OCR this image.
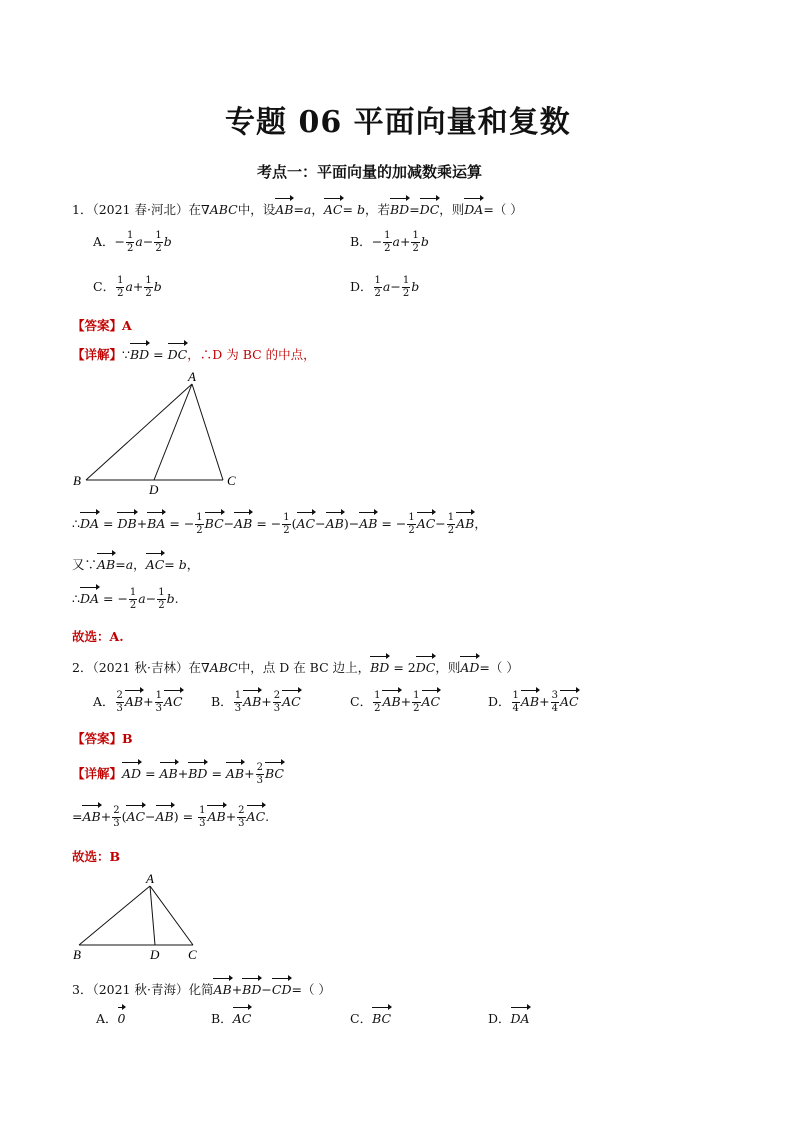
专题 06 平面向量和复数
考点一：平面向量的加减数乘运算
1．（2021 春·河北）在∇ABC中，设AB=a，AC= b，若BD=DC，则DA=（ ）
A．− $\frac{1}{2} a- \frac{1}{2}$ b	B．− $\frac{1}{2} a+ \frac{1}{2}$ b
C． $\frac{1}{2} a+ \frac{1}{2}$ b	D． $\frac{1}{2} a- \frac{1}{2}$ b
【答案】A
【详解】∵BD = DC，∴D 为 BC 的中点，
A
B	C
D
∴DA = DB+BA = − $\frac{1}{2} BC-AB$ = − $\frac{1}{2} (AC-AB)-AB$ = − $\frac{1}{2} AC- \frac{1}{2}$ AB，
又∵AB=a，AC= b，
∴DA = − $\frac{1}{2} a- \frac{1}{2} b$.
故选：A.
2．（2021 秋·吉林）在∇ABC中，点 D 在 BC 边上，BD = 2DC，则AD=（ ）
A． $\frac{2}{3} AB+ \frac{1}{3}$ AC B． $\frac{1}{3} AB+ \frac{2}{3}$ AC	C． $\frac{1}{2} AB+ \frac{1}{2}$ AC	D． $\frac{1}{4} AB+ \frac{3}{4}$ AC
【答案】B
【详解】AD = $AB+BD = AB+ \frac{2}{3}$ BC
$=AB+ \frac{2}{3} (AC-AB) = \frac{1}{3} AB+ \frac{2}{3}$ AC.
故选：B
A
B	C
D
3．（2021 秋·青海）化简AB+BD−CD=（ ）
A．0	B．AC	C．BC	D．DA
